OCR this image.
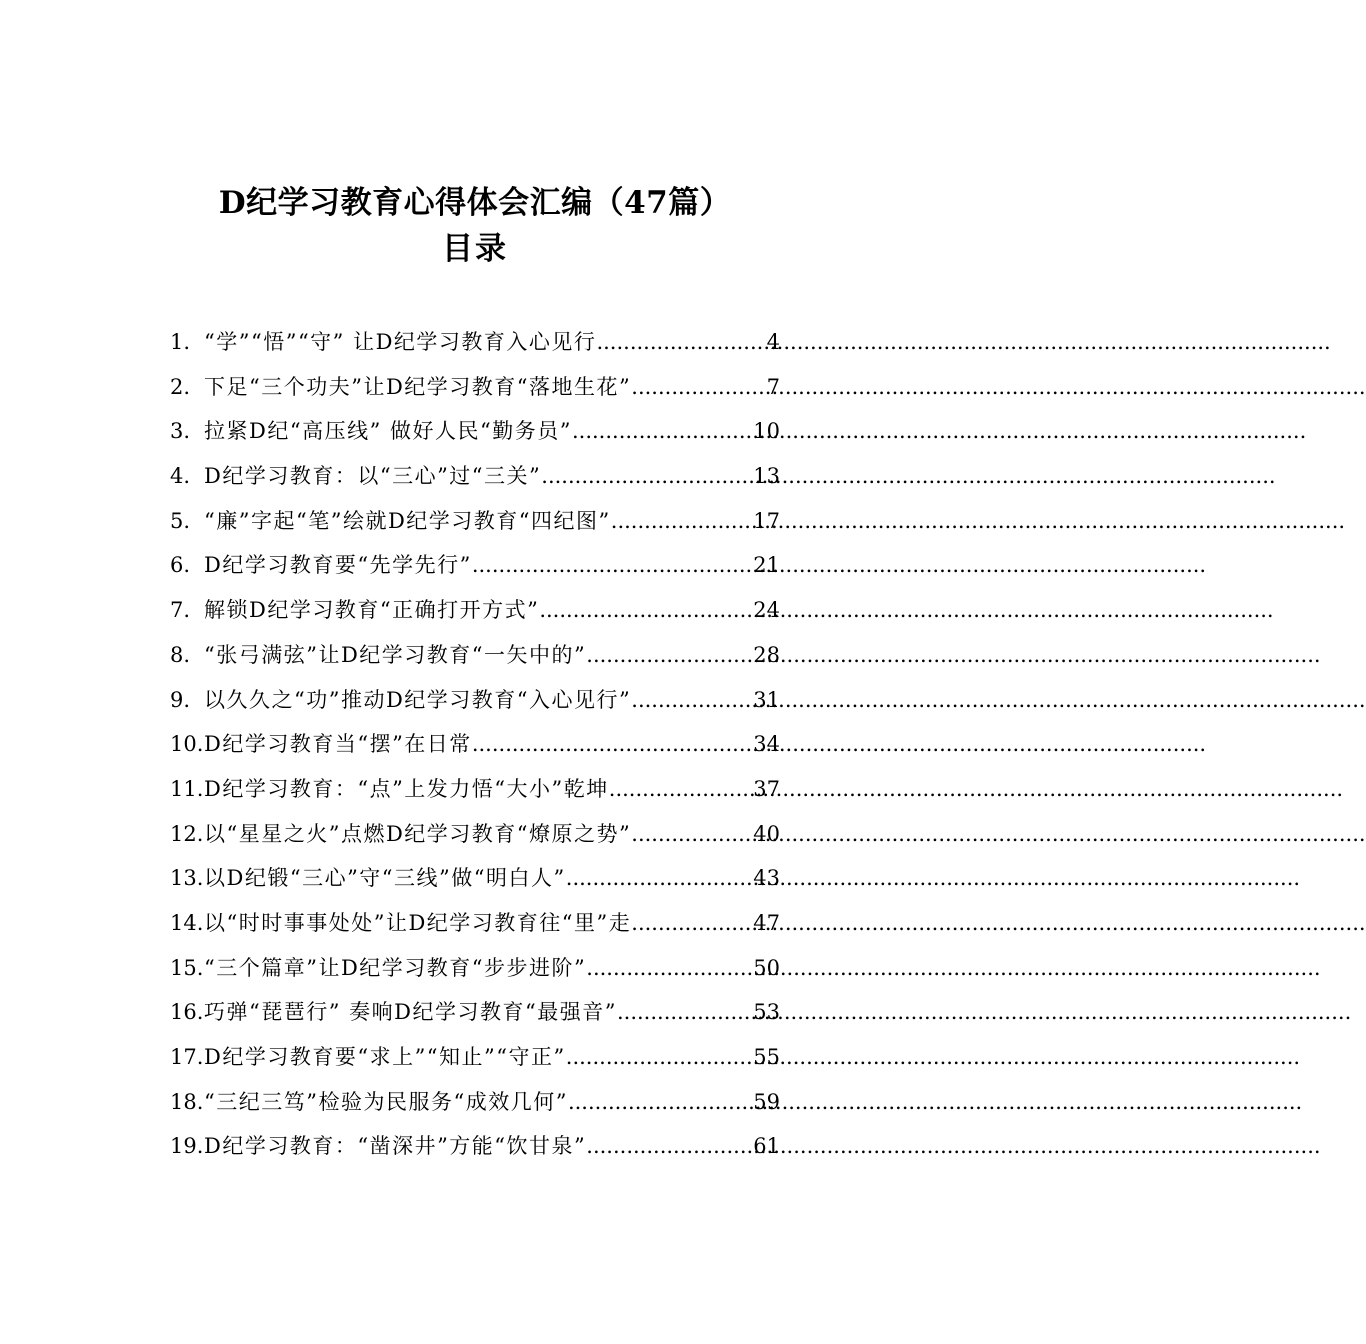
D纪学习教育心得体会汇编（47篇）
目录
1. “学”“悟”“守” 让D纪学习教育入心见行 .....	4
2. 下足“三个功夫”让D纪学习教育“落地生花” .....	7
3. 拉紧D纪“高压线” 做好人民“勤务员” .....	10
4. D纪学习教育：以“三心”过“三关” .....	13
5. “廉”字起“笔”绘就D纪学习教育“四纪图” .....	17
6. D纪学习教育要“先学先行” .....	21
7. 解锁D纪学习教育“正确打开方式” .....	24
8. “张弓满弦”让D纪学习教育“一矢中的” .....	28
9. 以久久之“功”推动D纪学习教育“入心见行” .....	31
10. D纪学习教育当“摆”在日常 .....	34
11. D纪学习教育：“点”上发力悟“大小”乾坤 .....	37
12. 以“星星之火”点燃D纪学习教育“燎原之势” .....	40
13. 以D纪锻“三心”守“三线”做“明白人” .....	43
14. 以“时时事事处处”让D纪学习教育往“里”走 .....	47
15. “三个篇章”让D纪学习教育“步步进阶” .....	50
16. 巧弹“琵琶行” 奏响D纪学习教育“最强音” .....	53
17. D纪学习教育要“求上”“知止”“守正” .....	55
18. “三纪三笃”检验为民服务“成效几何” .....	59
19. D纪学习教育：“凿深井”方能“饮甘泉” .....	61
